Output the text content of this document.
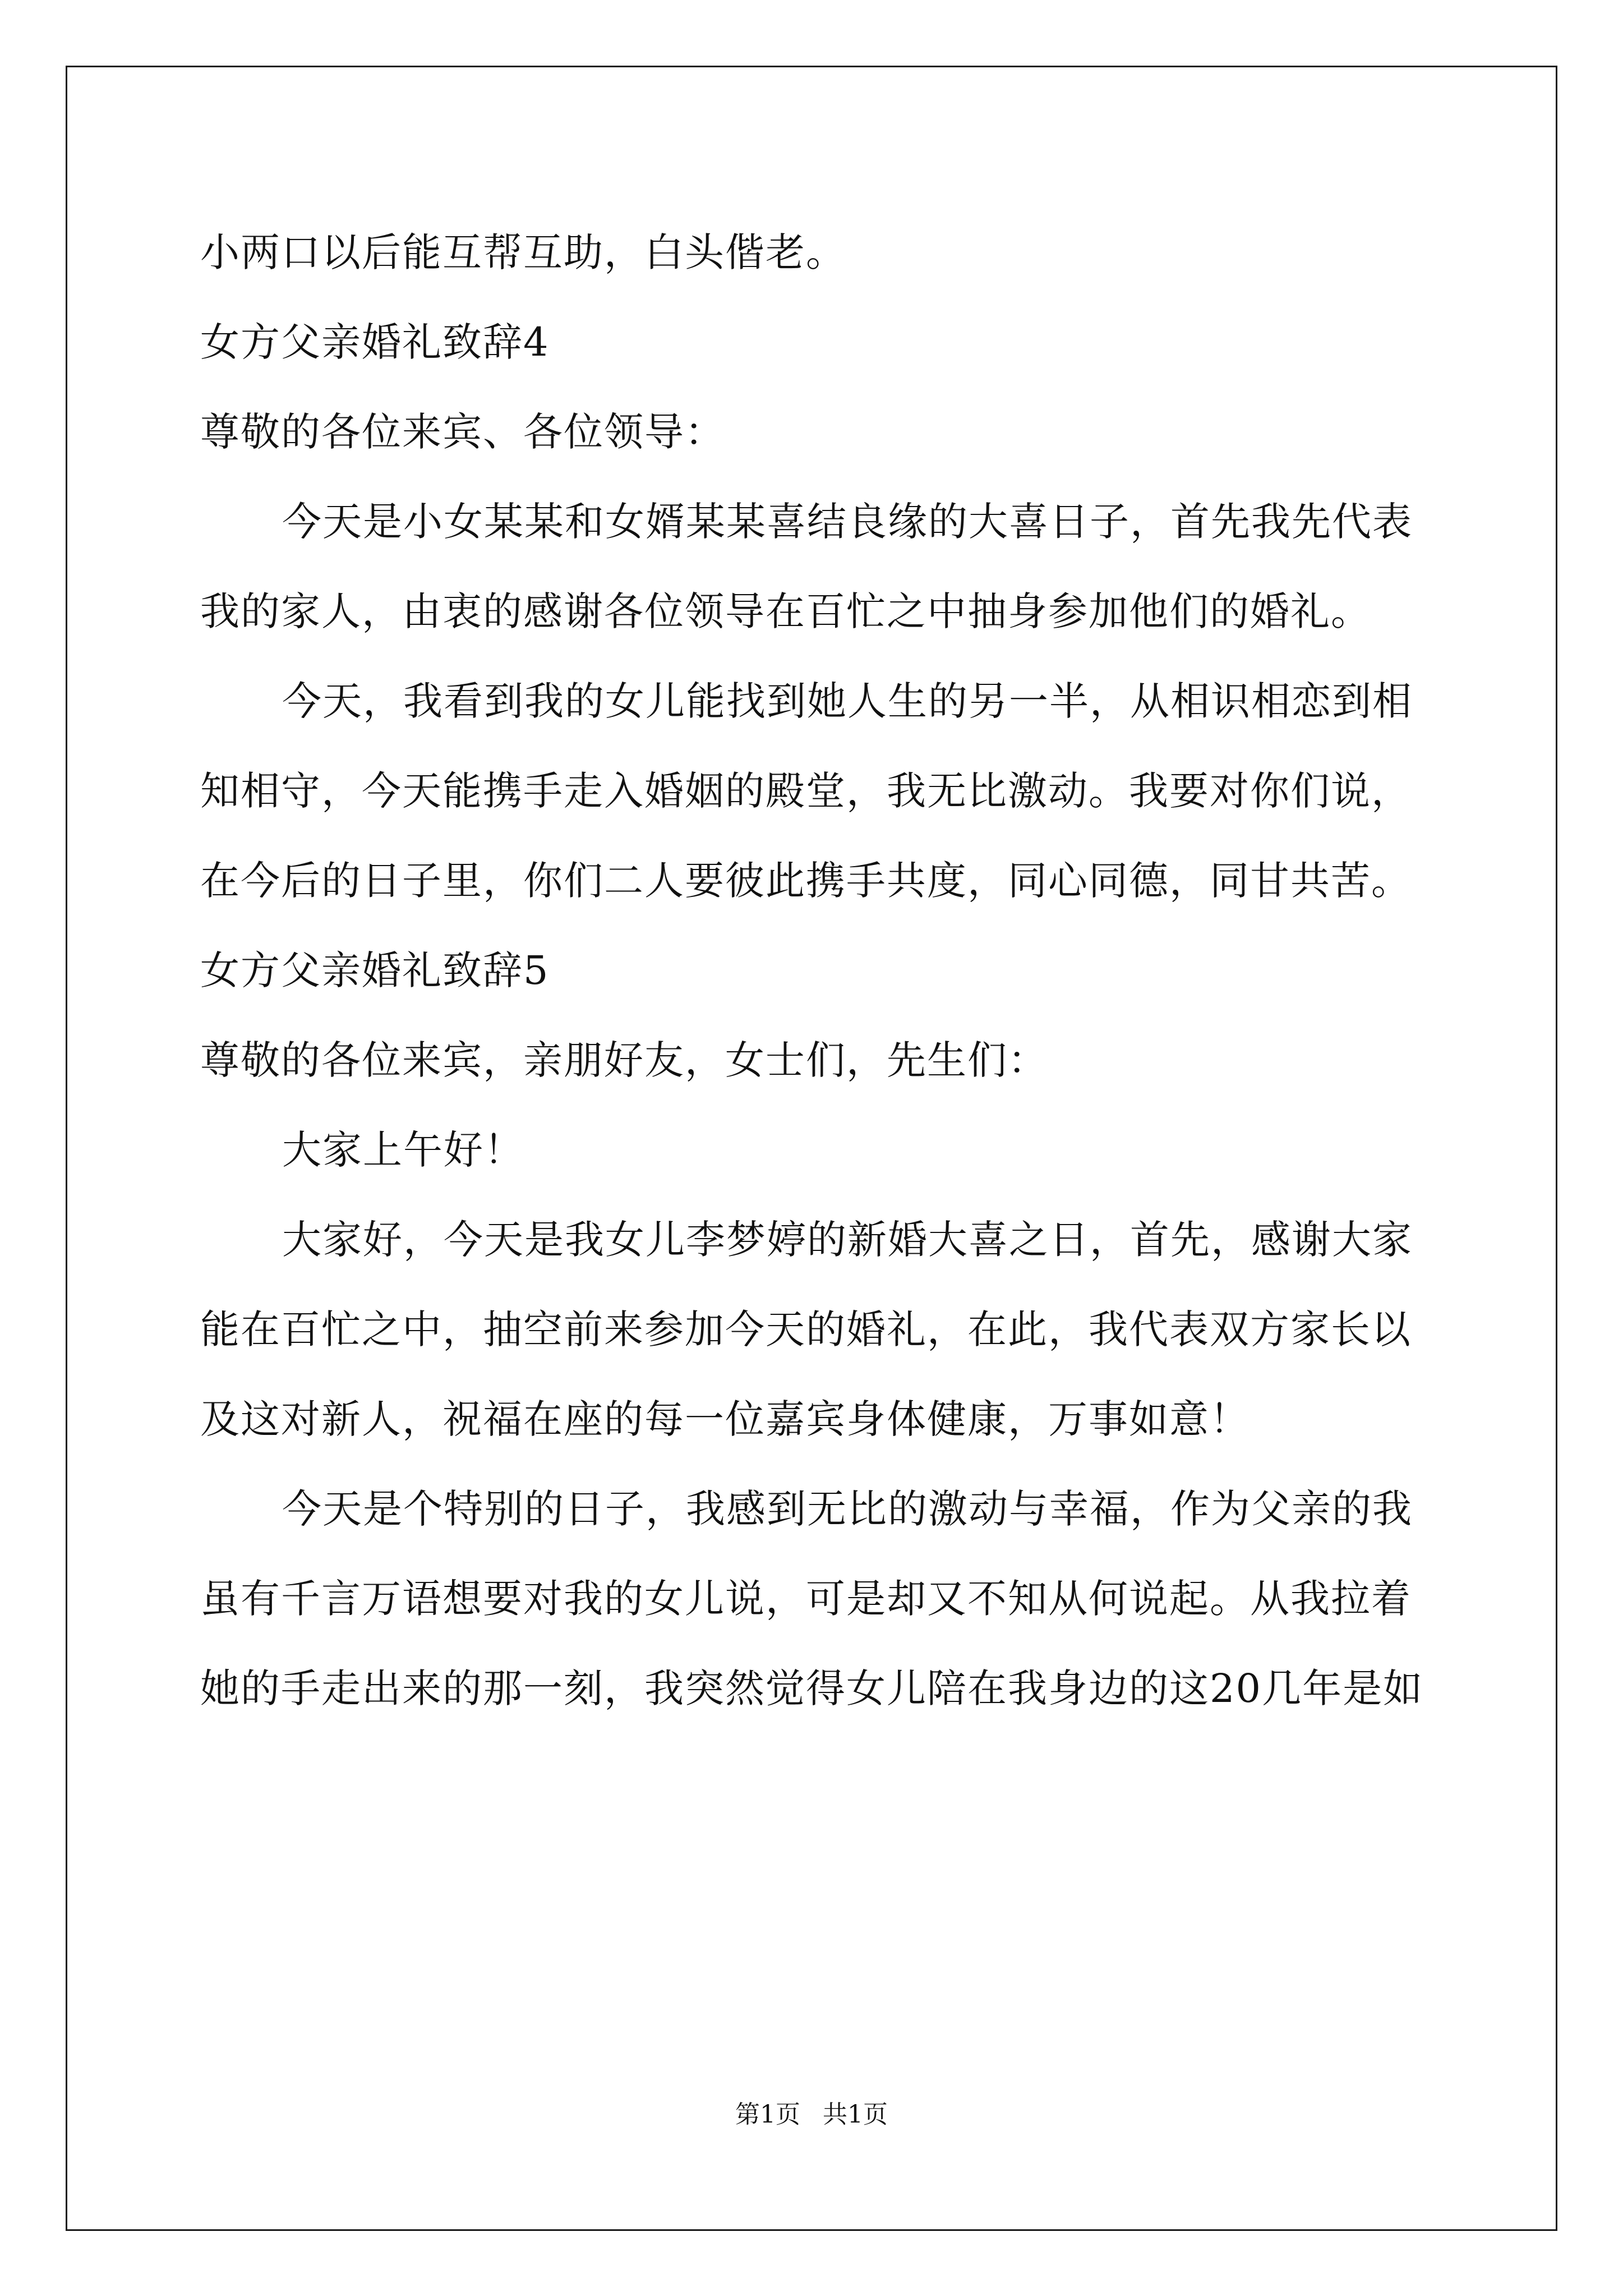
小两口以后能互帮互助，白头偕老。
女方父亲婚礼致辞4
尊敬的各位来宾、各位领导：
今天是小女某某和女婿某某喜结良缘的大喜日子，首先我先代表
我的家人，由衷的感谢各位领导在百忙之中抽身参加他们的婚礼。
今天，我看到我的女儿能找到她人生的另一半，从相识相恋到相
知相守，今天能携手走入婚姻的殿堂，我无比激动。我要对你们说，
在今后的日子里，你们二人要彼此携手共度，同心同德，同甘共苦。
女方父亲婚礼致辞5
尊敬的各位来宾，亲朋好友，女士们，先生们：
大家上午好！
大家好，今天是我女儿李梦婷的新婚大喜之日，首先，感谢大家
能在百忙之中，抽空前来参加今天的婚礼，在此，我代表双方家长以
及这对新人，祝福在座的每一位嘉宾身体健康，万事如意！
今天是个特别的日子，我感到无比的激动与幸福，作为父亲的我
虽有千言万语想要对我的女儿说，可是却又不知从何说起。从我拉着
她的手走出来的那一刻，我突然觉得女儿陪在我身边的这20几年是如
第1页 共1页
